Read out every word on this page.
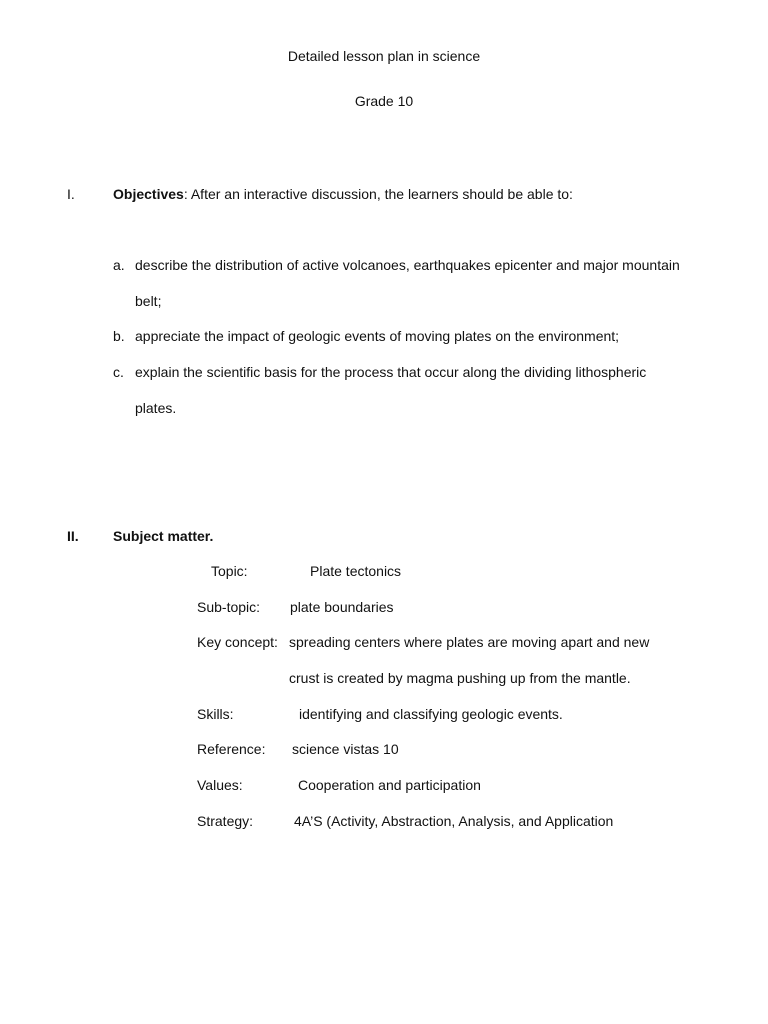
Detailed lesson plan in science
Grade 10
I.	Objectives: After an interactive discussion, the learners should be able to:
a. describe the distribution of active volcanoes, earthquakes epicenter and major mountain
belt;
b. appreciate the impact of geologic events of moving plates on the environment;
c. explain the scientific basis for the process that occur along the dividing lithospheric
plates.
II. Subject matter.
Topic:	Plate tectonics
Sub-topic: plate boundaries
Key concept: spreading centers where plates are moving apart and new
crust is created by magma pushing up from the mantle.
Skills:	identifying and classifying geologic events.
Reference: science vistas 10
Values:	Cooperation and participation
Strategy:	4A’S (Activity, Abstraction, Analysis, and Application
